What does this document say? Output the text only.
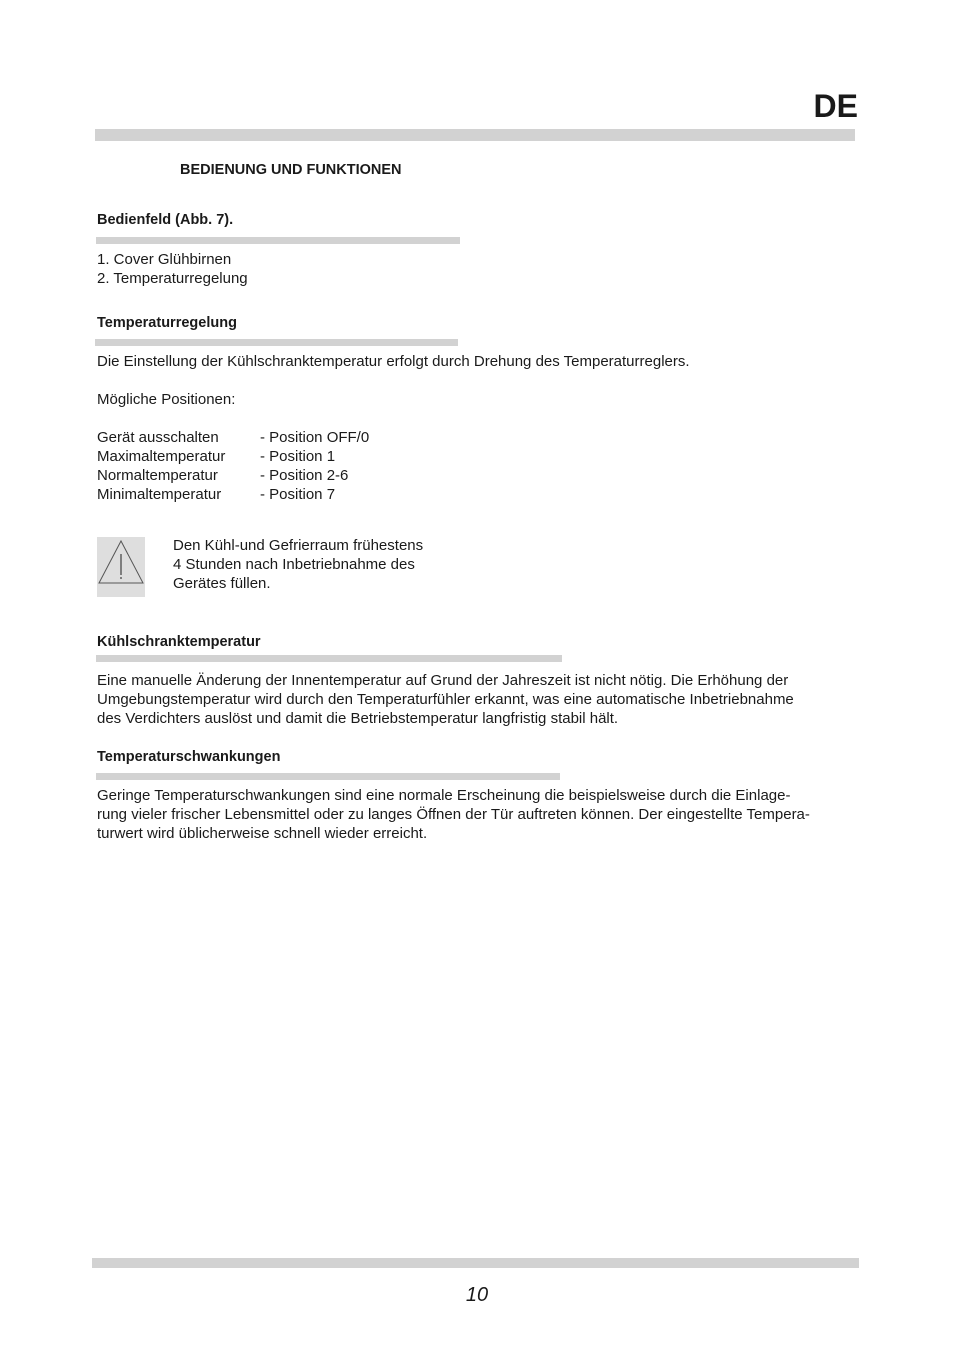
DE
BEDIENUNG UND FUNKTIONEN
Bedienfeld (Abb. 7).
1. Cover Glühbirnen
2. Temperaturregelung
Temperaturregelung
Die Einstellung der Kühlschranktemperatur erfolgt durch Drehung des Temperaturreglers.
Mögliche Positionen:
Gerät ausschalten	- Position OFF/0
Maximaltemperatur	- Position 1
Normaltemperatur	- Position 2-6
Minimaltemperatur	- Position 7
Den Kühl-und Gefrierraum frühestens
4 Stunden nach Inbetriebnahme des
Gerätes füllen.
Kühlschranktemperatur
Eine manuelle Änderung der Innentemperatur auf Grund der Jahreszeit ist nicht nötig. Die Erhöhung der
Umgebungstemperatur wird durch den Temperaturfühler erkannt, was eine automatische Inbetriebnahme
des Verdichters auslöst und damit die Betriebstemperatur langfristig stabil hält.
Temperaturschwankungen
Geringe Temperaturschwankungen sind eine normale Erscheinung die beispielsweise durch die Einlage-
rung vieler frischer Lebensmittel oder zu langes Öffnen der Tür auftreten können. Der eingestellte Tempera-
turwert wird üblicherweise schnell wieder erreicht.
10
